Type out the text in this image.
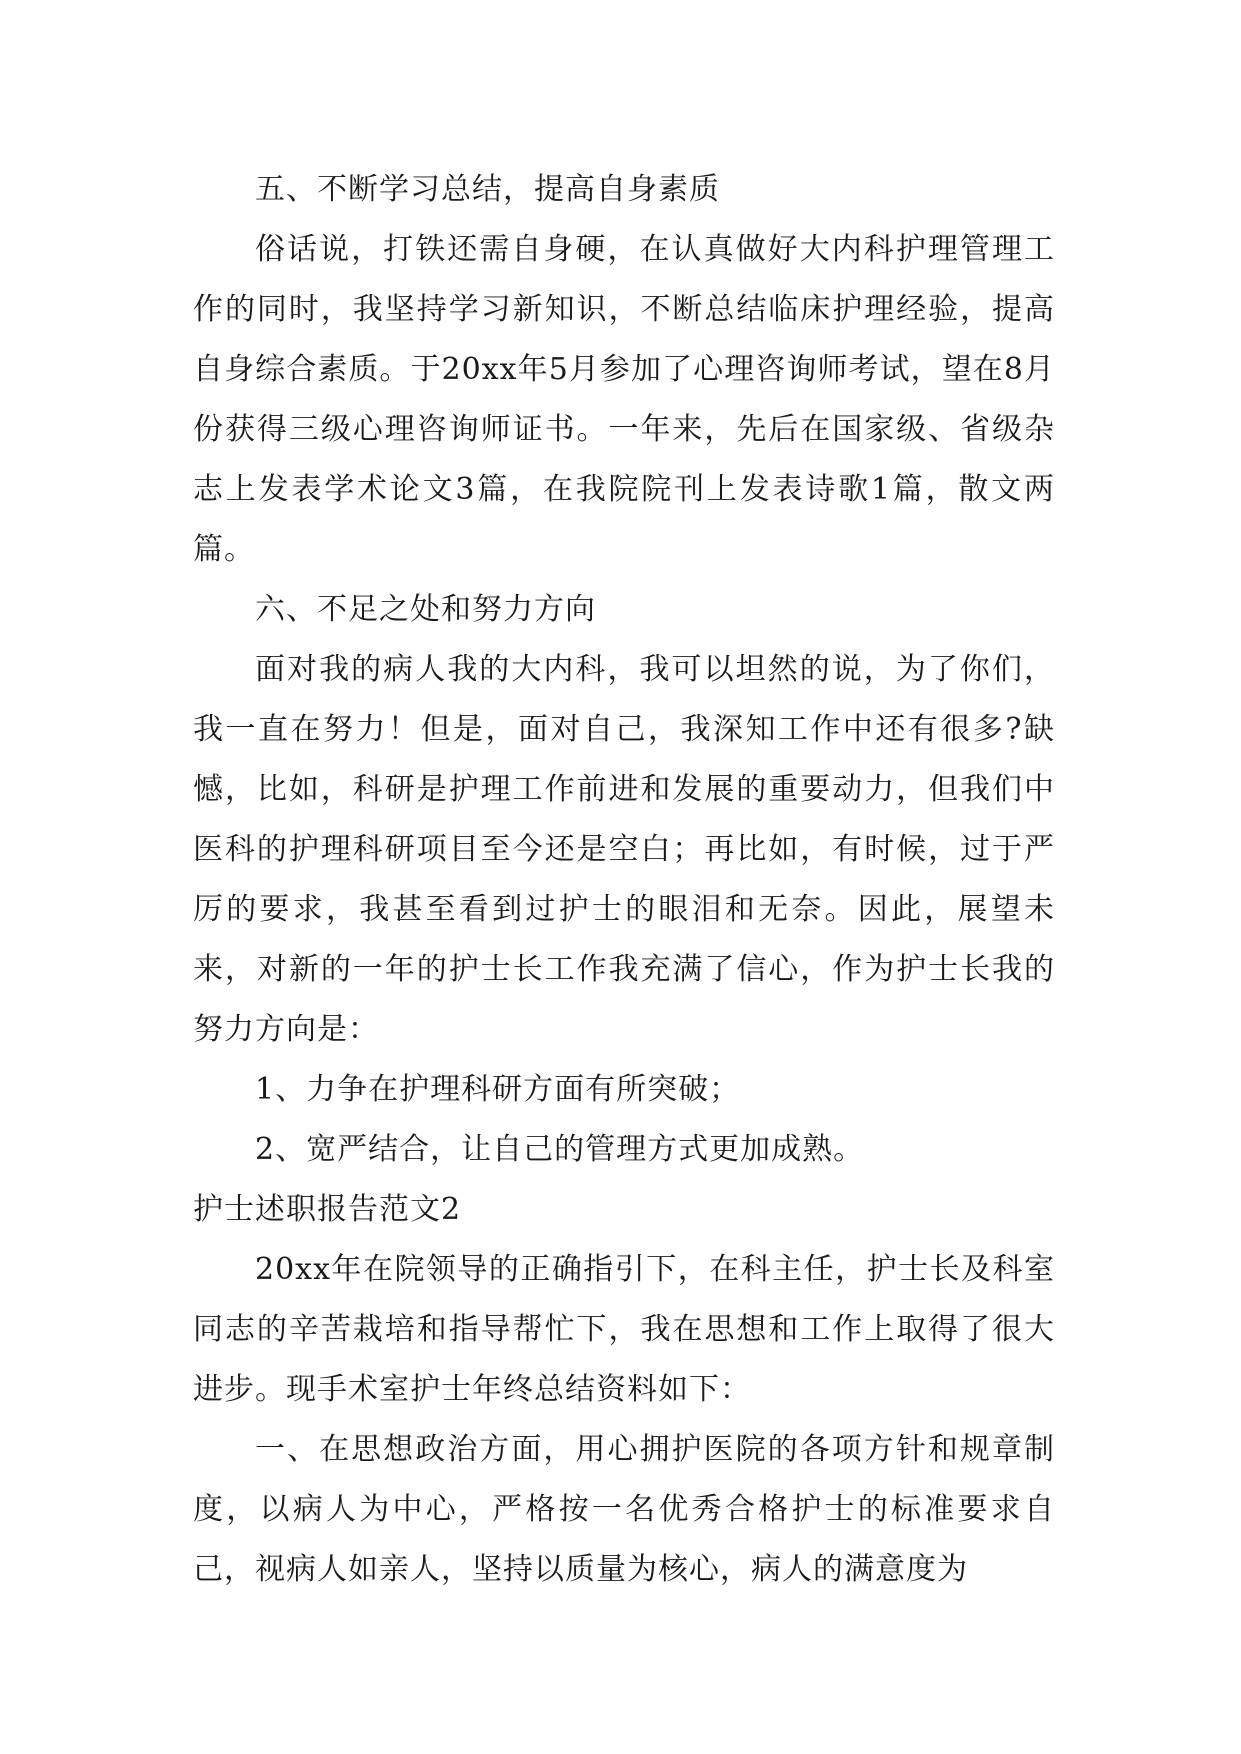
五、不断学习总结，提高自身素质

俗话说，打铁还需自身硬，在认真做好大内科护理管理工作的同时，我坚持学习新知识，不断总结临床护理经验，提高自身综合素质。于20xx年5月参加了心理咨询师考试，望在8月份获得三级心理咨询师证书。一年来，先后在国家级、省级杂志上发表学术论文3篇，在我院院刊上发表诗歌1篇，散文两篇。

六、不足之处和努力方向

面对我的病人我的大内科，我可以坦然的说，为了你们，我一直在努力！但是，面对自己，我深知工作中还有很多?缺憾，比如，科研是护理工作前进和发展的重要动力，但我们中医科的护理科研项目至今还是空白；再比如，有时候，过于严厉的要求，我甚至看到过护士的眼泪和无奈。因此，展望未来，对新的一年的护士长工作我充满了信心，作为护士长我的努力方向是：

1、力争在护理科研方面有所突破；

2、宽严结合，让自己的管理方式更加成熟。

护士述职报告范文2

20xx年在院领导的正确指引下，在科主任，护士长及科室同志的辛苦栽培和指导帮忙下，我在思想和工作上取得了很大进步。现手术室护士年终总结资料如下：

一、在思想政治方面，用心拥护医院的各项方针和规章制度，以病人为中心，严格按一名优秀合格护士的标准要求自己，视病人如亲人，坚持以质量为核心，病人的满意度为
